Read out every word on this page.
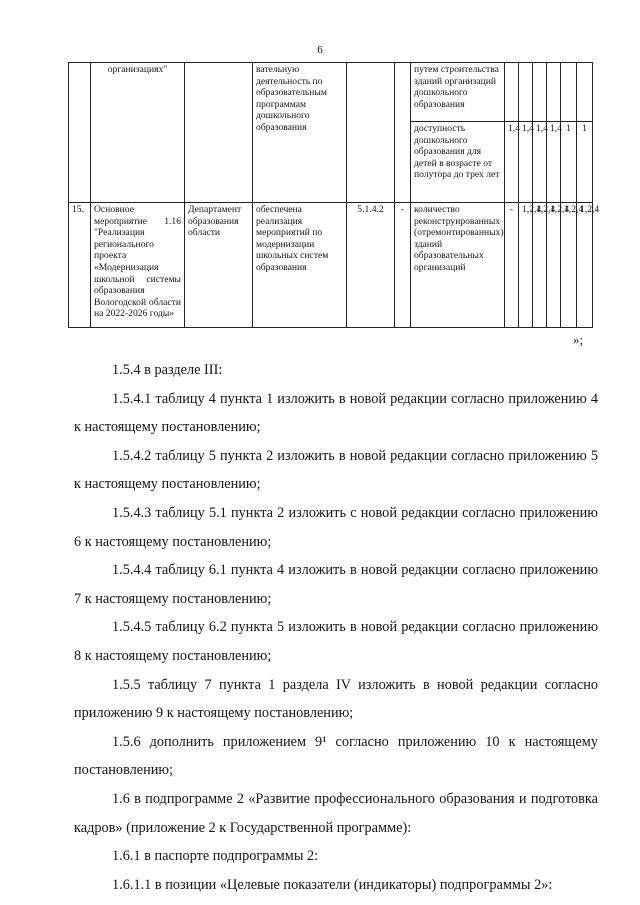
6
	организациях"		вательную деятельность по образовательным программам дошкольного образования			путем строительства зданий организаций дошкольного образования						
						доступность дошкольного образования для детей в возрасте от полутора до трех лет	1,4	1,4	1,4	1,4	1	1
15.	Основное мероприятие 1.16 "Реализация регионального проекта «Модернизация школьной системы образования Вологодской области на 2022-2026 годы»	Департамент образования области	обеспечена реализация мероприятий по модернизации школьных систем образования	5.1.4.2	-	количество реконструированных (отремонтированных) зданий образовательных организаций	-	1,2,4	1,2,4	1,2,4	1,2,4	1,2,4
»;

1.5.4 в разделе III:

1.5.4.1 таблицу 4 пункта 1 изложить в новой редакции согласно приложению 4 к настоящему постановлению;

1.5.4.2 таблицу 5 пункта 2 изложить в новой редакции согласно приложению 5 к настоящему постановлению;

1.5.4.3 таблицу 5.1 пункта 2 изложить с новой редакции согласно приложению 6 к настоящему постановлению;

1.5.4.4 таблицу 6.1 пункта 4 изложить в новой редакции согласно приложению 7 к настоящему постановлению;

1.5.4.5 таблицу 6.2 пункта 5 изложить в новой редакции согласно приложению 8 к настоящему постановлению;

1.5.5 таблицу 7 пункта 1 раздела IV изложить в новой редакции согласно приложению 9 к настоящему постановлению;

1.5.6 дополнить приложением 9¹ согласно приложению 10 к настоящему постановлению;

1.6 в подпрограмме 2 «Развитие профессионального образования и подготовка кадров» (приложение 2 к Государственной программе):

1.6.1 в паспорте подпрограммы 2:

1.6.1.1 в позиции «Целевые показатели (индикаторы) подпрограммы 2»:
